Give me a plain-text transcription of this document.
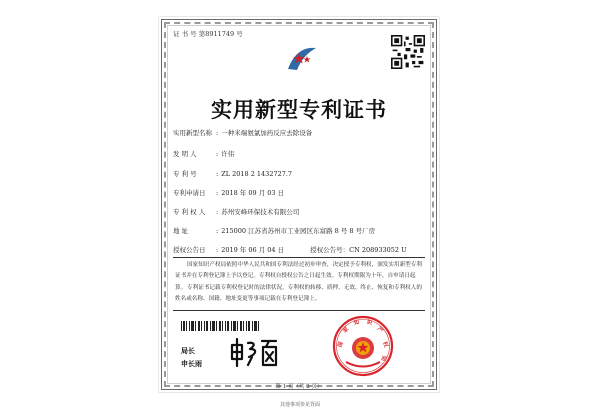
证 书 号 第8911749 号
实用新型专利证书
实用新型名称 : 一种米端氨氯加药反应去除设备
发 明 人	: 许伟
专 利 号	: ZL 2018 2 1432727.7
专利申请日 : 2018 年 09 月 03 日
专 利 权 人 : 苏州安峰环保技术有限公司
地 址	: 215000 江苏省苏州市工业园区东富路 8 号 8 号厂房
授权公告日 : 2019 年 06 月 04 日	授权公告号：CN 208933052 U
国家知识产权局依照中华人民共和国专利法经过初步审查，决定授予专利权，颁发实用新型专利证书并在专利登记簿上予以登记。专利权自授权公告之日起生效。专利权期限为十年，自申请日起算。 专利证书记载专利权登记时的法律状况。专利权的转移、质押、无效、终止、恢复和专利权人的姓名或名称、国籍、地址变更等事项记载在专利登记簿上。
局长
申长雨
国
家
知 识
产
权
局
第 1 页（共 2 页）
其他事项参见背面
